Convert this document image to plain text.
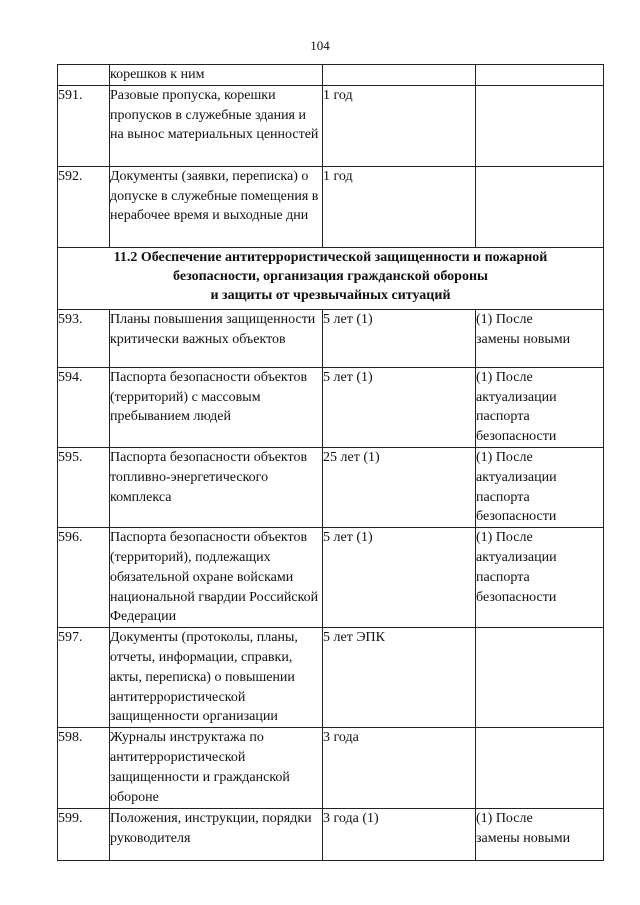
104
	корешков к ним		
591.	Разовые пропуска, корешки пропусков в служебные здания и на вынос материальных ценностей	1 год	
592.	Документы (заявки, переписка) о допуске в служебные помещения в нерабочее время и выходные дни	1 год	

11.2 Обеспечение антитеррористической защищенности и пожарной
безопасности, организация гражданской обороны
и защиты от чрезвычайных ситуаций			

593.	Планы повышения защищенности критически важных объектов	5 лет (1)	(1) После
замены новыми

594.	Паспорта безопасности объектов (территорий) с массовым пребыванием людей	5 лет (1)	(1) После
актуализации
паспорта
безопасности

595.	Паспорта безопасности объектов топливно-энергетического комплекса	25 лет (1)	(1) После
актуализации
паспорта
безопасности

596.	Паспорта безопасности объектов (территорий), подлежащих обязательной охране войсками национальной гвардии Российской Федерации	5 лет (1)	(1) После
актуализации
паспорта
безопасности

597.	Документы (протоколы, планы, отчеты, информации, справки, акты, переписка) о повышении антитеррористической защищенности организации	5 лет ЭПК	
598.	Журналы инструктажа по антитеррористической защищенности и гражданской обороне	3 года	
599.	Положения, инструкции, порядки руководителя	3 года (1)	(1) После
замены новыми
